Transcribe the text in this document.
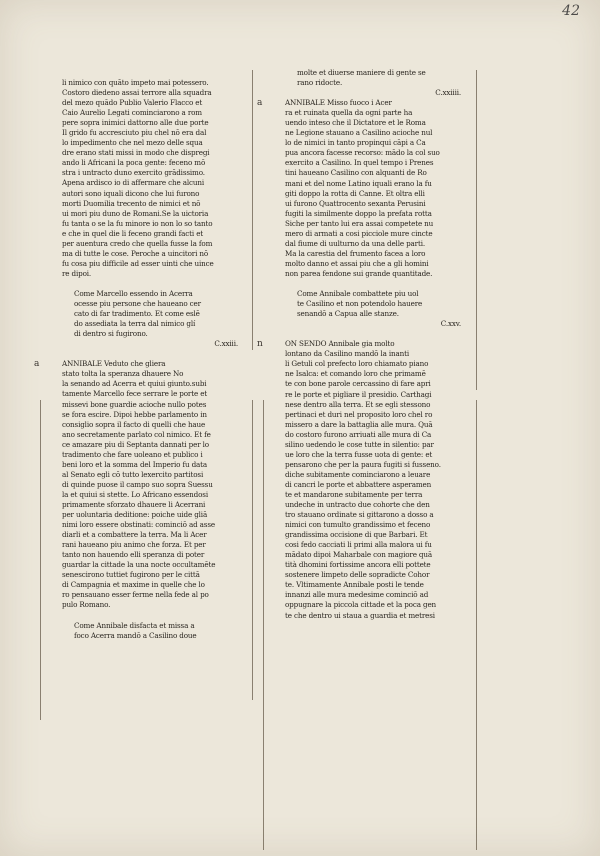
42
li nimico con quāto impeto mai potessero.
Costoro diedeno assai terrore alla squadra
del mezo quādo Publio Valerio Flacco et
Caio Aurelio Legati cominciarono a rom
pere sopra inimici dattorno alle due porte
Il grido fu accresciuto piu chel nō era dal
lo impedimento che nel mezo delle squa
dre erano stati missi in modo che dispregi
ando li Africani la poca gente: feceno mō
stra i untracto duno exercito grādissimo.
Apena ardisco io di affermare che alcuni
autori sono iquali dicono che lui furono
morti Duomilia trecento de nimici et nō
ui mori piu duno de Romani.Se la uictoria
fu tanta o se la fu minore io non lo so tanto
e che in quel die li feceno grandi facti et
per auentura credo che quella fusse la fom
ma di tutte le cose. Peroche a uincitori nō
fu cosa piu difficile ad esser uinti che uince
re dipoi.
Come Marcello essendo in Acerra
ocesse piu persone che haueano cer
cato di far tradimento. Et come eslē
do assediata la terra dal nimico glí
di dentro si fugirono.
C.xxiii.
a	ANNIBALE Veduto che gliera
stato tolta la speranza dhauere No
la senando ad Acerra et quiui giunto.subi
tamente Marcello fece serrare le porte et
missevi bone guardie acioche nullo potes
se fora escire. Dipoi hebbe parlamento in
consiglio sopra il facto di quelli che haue
ano secretamente parlato col nimico. Et fe
ce amazare piu di Septanta dannati per lo
tradimento che fare uoleano et publico i
beni loro et la somma del Imperio fu data
al Senato egli cō tutto lexercito partitosi
di quinde puose il campo suo sopra Suessu
la et quiui si stette. Lo Africano essendosi
primamente sforzato dhauere li Acerrani
per uoluntaria deditione: poiche uide gliā
nimi loro essere obstinati: cominciō ad asse
diarli et a combattere la terra. Ma li Acer
rani haueano piu animo che forza. Et per
tanto non hauendo elli speranza di poter
guardar la cittade la una nocte occultamēte
senescirono tuttiet fugirono per le cittā
di Campagnia et maxime in quelle che lo
ro pensauano esser ferme nella fede al po
pulo Romano.
Come Annibale disfacta et missa a
foco Acerra mandō a Casilino doue
molte et diuerse maniere di gente se
rano ridocte.
C.xxiiii.
a	ANNIBALE Misso fuoco i Acer
ra et ruinata quella da ogni parte ha
uendo inteso che il Dictatore et le Roma
ne Legione stauano a Casilino acioche nul
lo de nimici in tanto propinqui cāpi a Ca
pua ancora facesse recorso: mādo la col suo
exercito a Casilino. In quel tempo i Prenes
tini haueano Casilino con alquanti de Ro
mani et del nome Latino iquali erano la fu
giti doppo la rotta di Canne. Et oltra elli
ui furono Quattrocento sexanta Perusini
fugiti la similmente doppo la prefata rotta
Siche per tanto lui era assai competete nu
mero di armati a cosi picciole mure cincte
dal fiume di uulturno da una delle parti.
Ma la carestia del frumento facea a loro
molto danno et assai piu che a gli homini
non parea fendone sui grande quantitade.
Come Annibale combattete piu uol
te Casilino et non potendolo hauere
senandō a Capua alle stanze.
C.xxv.
n	ON SENDO Annibale gia molto
lontano da Casilino mandō la inanti
li Getuli col prefecto loro chiamato piano
ne Isalca: et comando loro che primamē
te con bone parole cercassino di fare apri
re le porte et pigliare il presidio. Carthagi
nese dentro alla terra. Et se egli stessono
pertinaci et duri nel proposito loro chel ro
missero a dare la battaglia alle mura. Quā
do costoro furono arriuati alle mura di Ca
silino uedendo le cose tutte in silentio: par
ue loro che la terra fusse uota di gente: et
pensarono che per la paura fugiti si fusseno.
diche subitamente cominciarono a leuare
di cancri le porte et abbattere asperamen
te et mandarone subitamente per terra
undeche in untracto due cohorte che den
tro stauano ordinate si gittarono a dosso a
nimici con tumulto grandissimo et feceno
grandissima occisione di que Barbari. Et
cosi fedo cacciati li primi alla malora ui fu
mādato dipoi Maharbale con magiore quā
tità dhomini fortissime ancora elli pottete
sostenere limpeto delle sopradicte Cohor
te. Vltimamente Annibale posti le tende
innanzi alle mura medesime cominciō ad
oppugnare la piccola cittade et la poca gen
te che dentro ui staua a guardia et metresi
